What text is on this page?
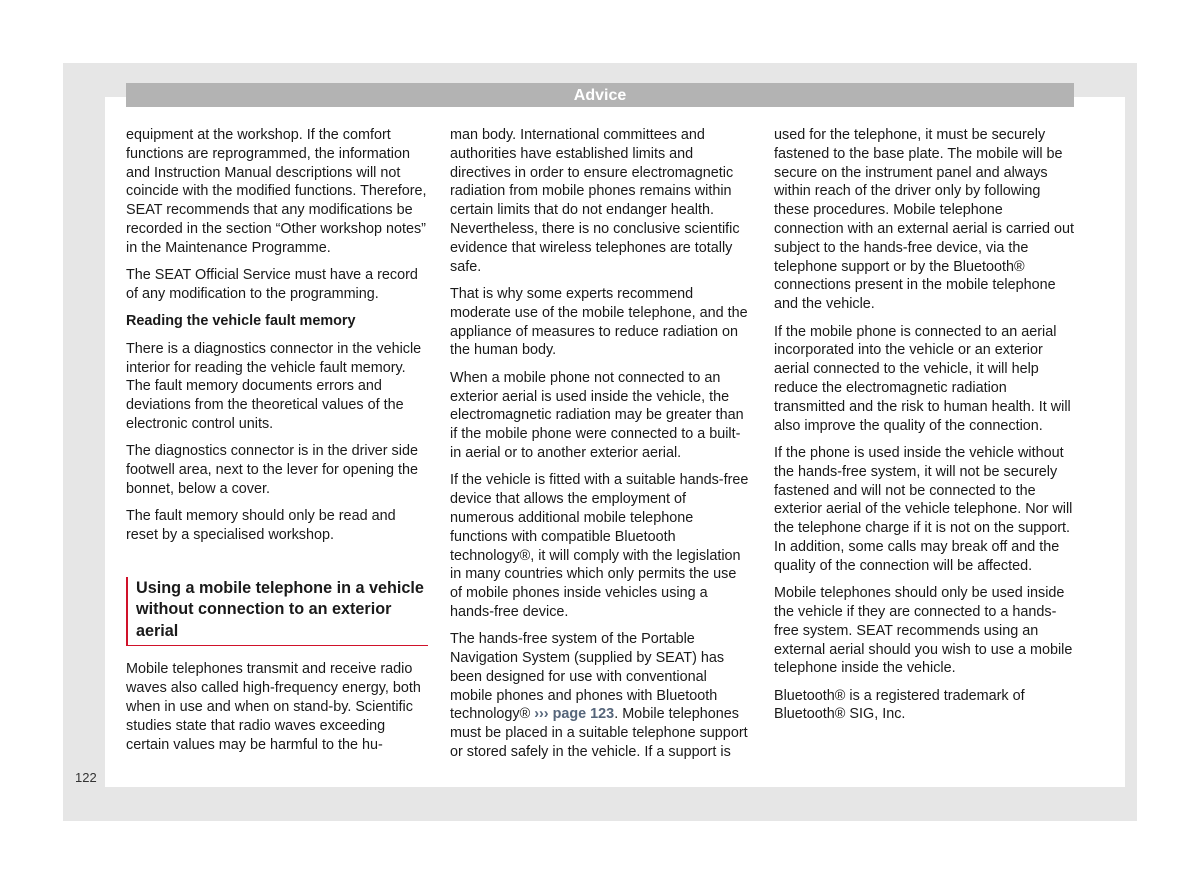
Advice

equipment at the workshop. If the comfort functions are reprogrammed, the information and Instruction Manual descriptions will not coincide with the modified functions. Therefore, SEAT recommends that any modifications be recorded in the section “Other workshop notes” in the Maintenance Programme.

The SEAT Official Service must have a record of any modification to the programming.

Reading the vehicle fault memory

There is a diagnostics connector in the vehicle interior for reading the vehicle fault memory. The fault memory documents errors and deviations from the theoretical values of the electronic control units.

The diagnostics connector is in the driver side footwell area, next to the lever for opening the bonnet, below a cover.

The fault memory should only be read and reset by a specialised workshop.

Using a mobile telephone in a vehicle without connection to an exterior aerial

Mobile telephones transmit and receive radio waves also called high-frequency energy, both when in use and when on stand-by. Scientific studies state that radio waves exceeding certain values may be harmful to the hu-

man body. International committees and authorities have established limits and directives in order to ensure electromagnetic radiation from mobile phones remains within certain limits that do not endanger health. Nevertheless, there is no conclusive scientific evidence that wireless telephones are totally safe.

That is why some experts recommend moderate use of the mobile telephone, and the appliance of measures to reduce radiation on the human body.

When a mobile phone not connected to an exterior aerial is used inside the vehicle, the electromagnetic radiation may be greater than if the mobile phone were connected to a built-in aerial or to another exterior aerial.

If the vehicle is fitted with a suitable hands-free device that allows the employment of numerous additional mobile telephone functions with compatible Bluetooth technology®, it will comply with the legislation in many countries which only permits the use of mobile phones inside vehicles using a hands-free device.

The hands-free system of the Portable Navigation System (supplied by SEAT) has been designed for use with conventional mobile phones and phones with Bluetooth technology® ››› page 123. Mobile telephones must be placed in a suitable telephone support or stored safely in the vehicle. If a support is

used for the telephone, it must be securely fastened to the base plate. The mobile will be secure on the instrument panel and always within reach of the driver only by following these procedures. Mobile telephone connection with an external aerial is carried out subject to the hands-free device, via the telephone support or by the Bluetooth® connections present in the mobile telephone and the vehicle.

If the mobile phone is connected to an aerial incorporated into the vehicle or an exterior aerial connected to the vehicle, it will help reduce the electromagnetic radiation transmitted and the risk to human health. It will also improve the quality of the connection.

If the phone is used inside the vehicle without the hands-free system, it will not be securely fastened and will not be connected to the exterior aerial of the vehicle telephone. Nor will the telephone charge if it is not on the support. In addition, some calls may break off and the quality of the connection will be affected.

Mobile telephones should only be used inside the vehicle if they are connected to a hands-free system. SEAT recommends using an external aerial should you wish to use a mobile telephone inside the vehicle.

Bluetooth® is a registered trademark of Bluetooth® SIG, Inc.

122
